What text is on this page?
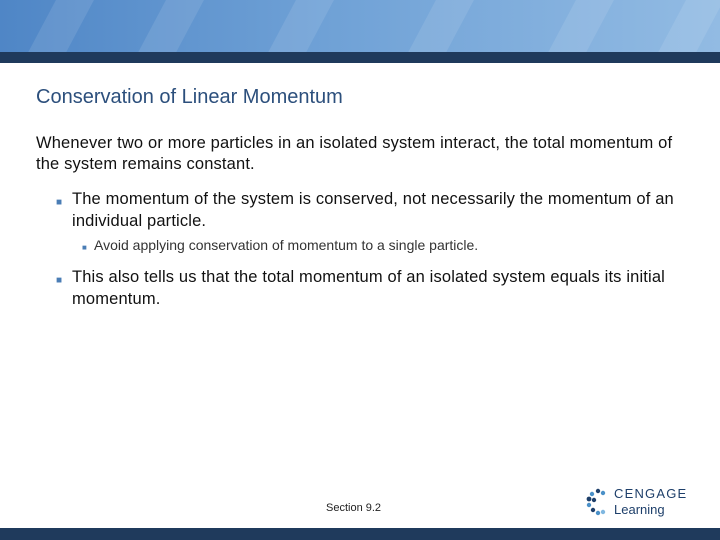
Conservation of Linear Momentum
Whenever two or more particles in an isolated system interact, the total momentum of the system remains constant.
■ The momentum of the system is conserved, not necessarily the momentum of an individual particle.
■ Avoid applying conservation of momentum to a single particle.
■ This also tells us that the total momentum of an isolated system equals its initial momentum.
Section 9.2
CENGAGE
Learning
